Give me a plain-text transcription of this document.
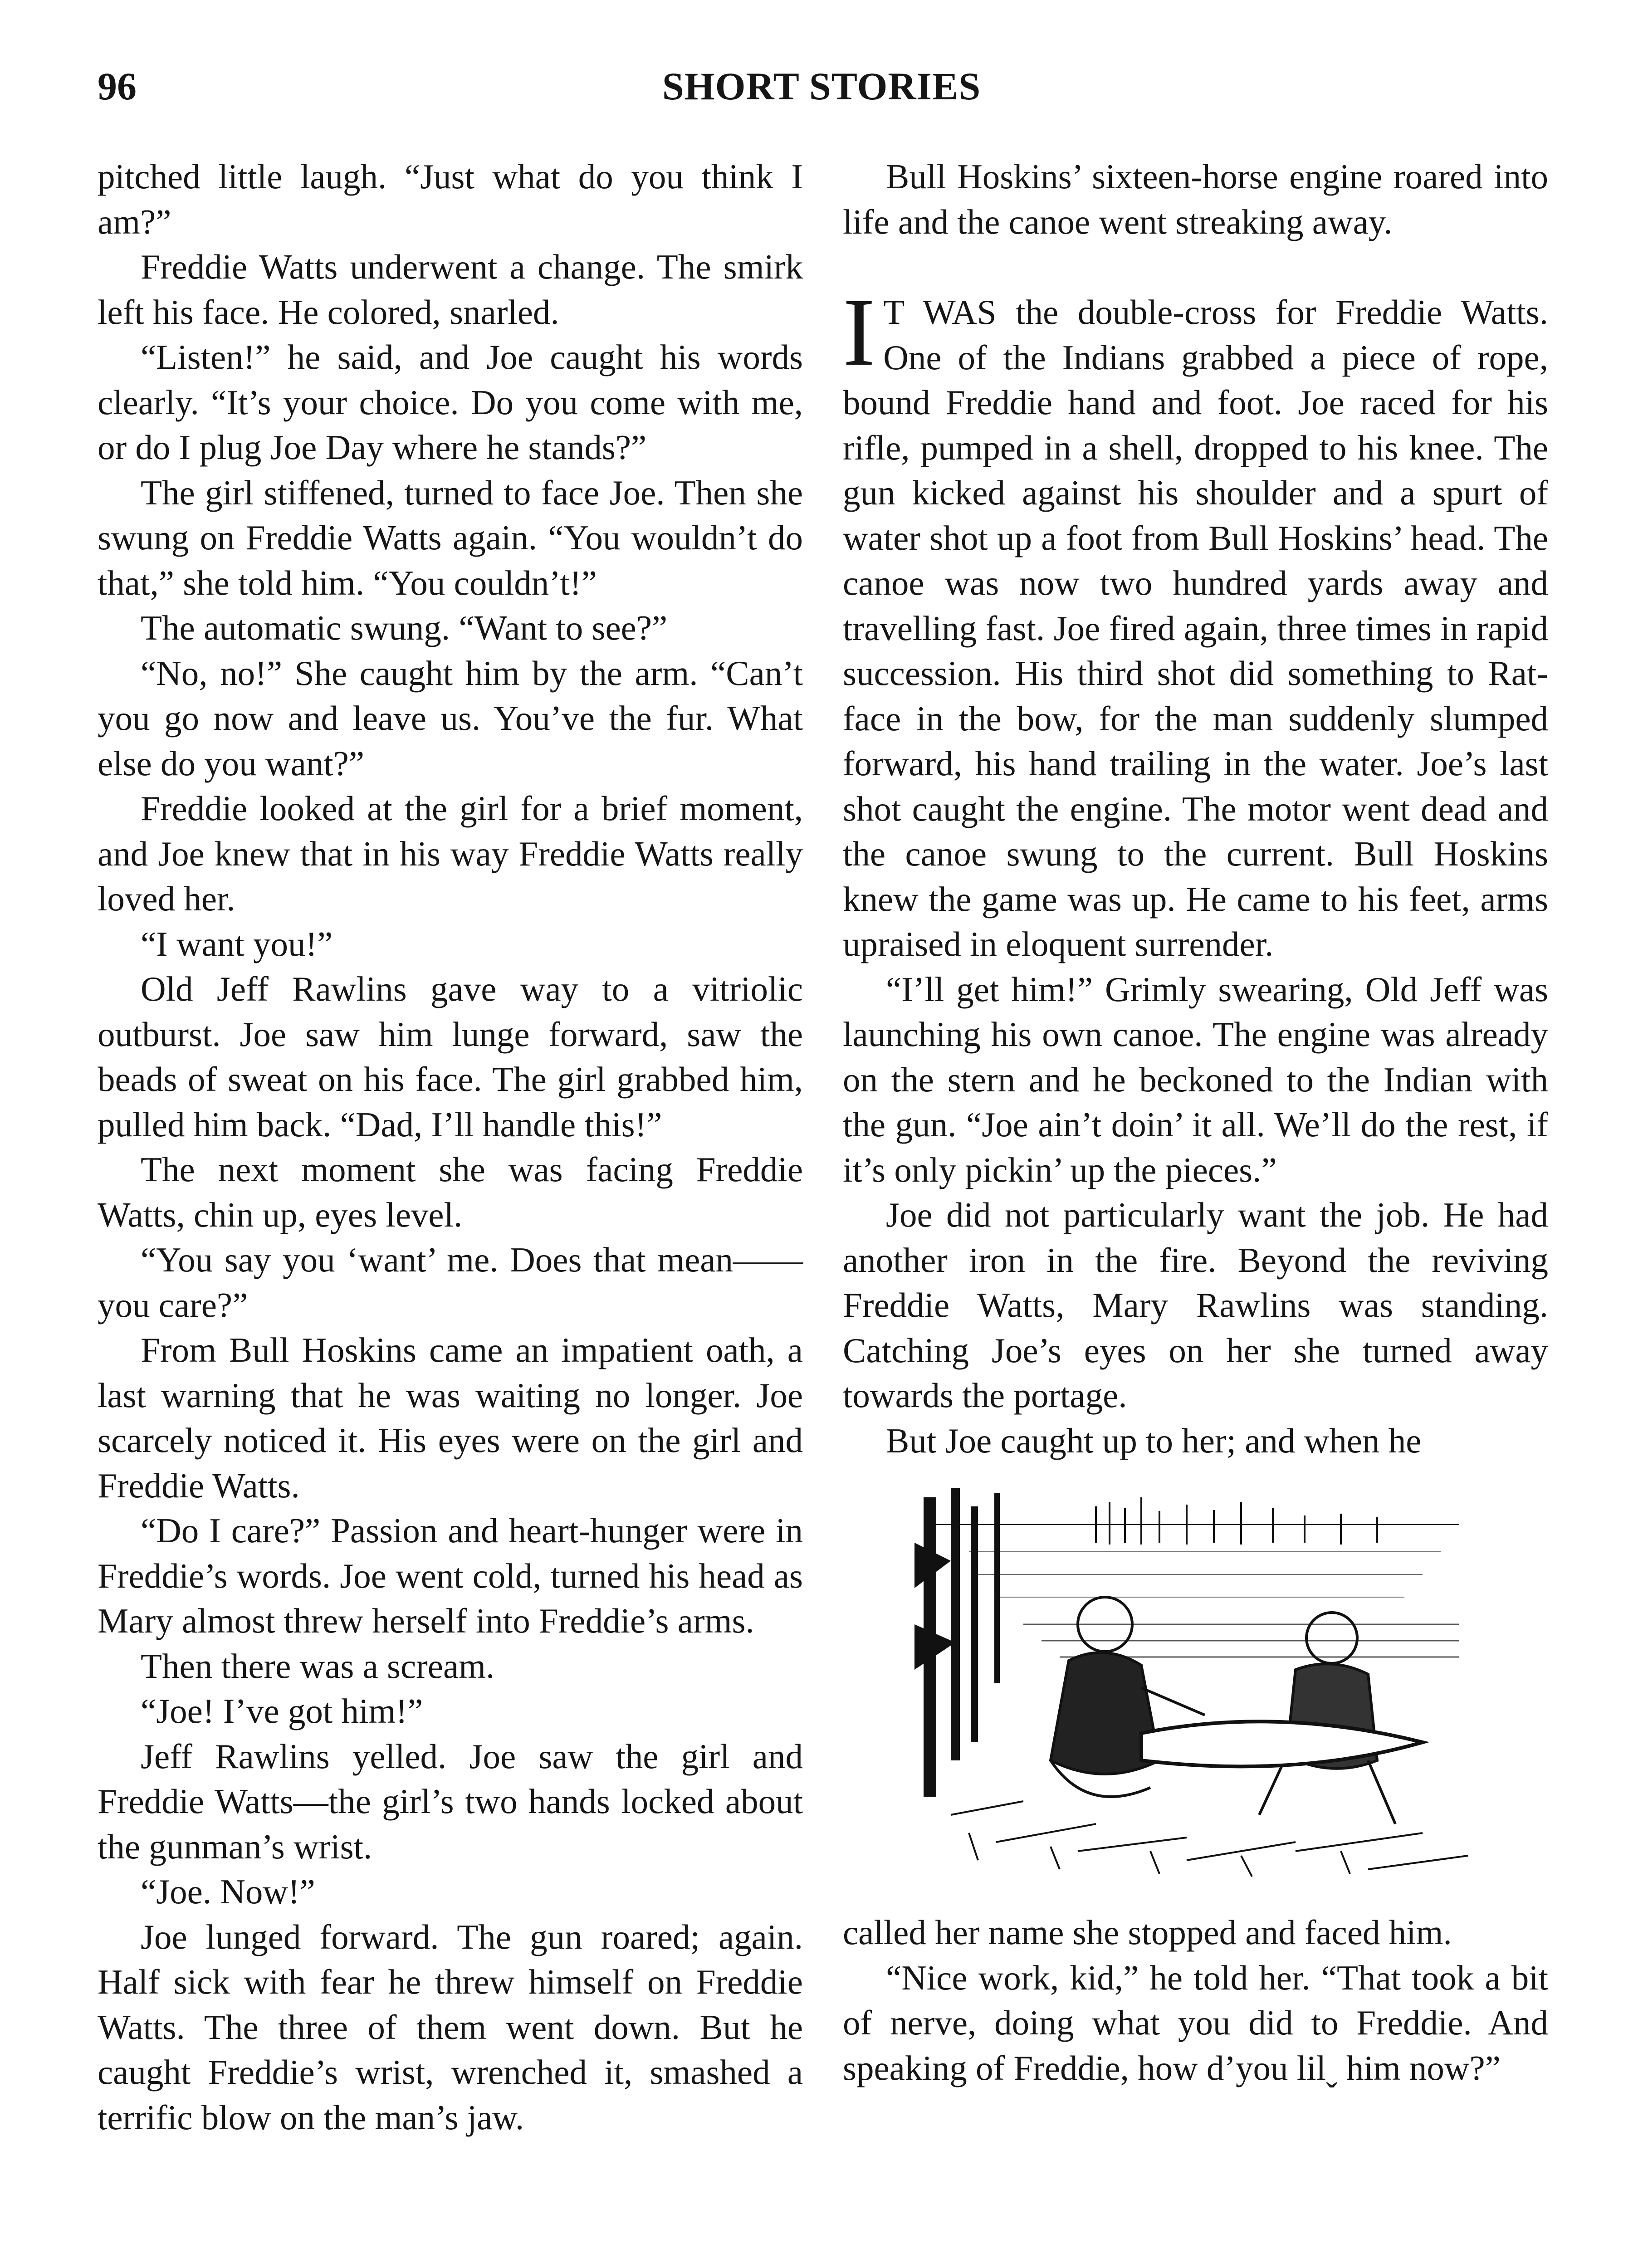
96	SHORT STORIES

pitched little laugh. “Just what do you think I am?”

Freddie Watts underwent a change. The smirk left his face. He colored, snarled.

“Listen!” he said, and Joe caught his words clearly. “It’s your choice. Do you come with me, or do I plug Joe Day where he stands?”

The girl stiffened, turned to face Joe. Then she swung on Freddie Watts again. “You wouldn’t do that,” she told him. “You couldn’t!”

The automatic swung. “Want to see?”

“No, no!” She caught him by the arm. “Can’t you go now and leave us. You’ve the fur. What else do you want?”

Freddie looked at the girl for a brief moment, and Joe knew that in his way Freddie Watts really loved her.

“I want you!”

Old Jeff Rawlins gave way to a vitriolic outburst. Joe saw him lunge forward, saw the beads of sweat on his face. The girl grabbed him, pulled him back. “Dad, I’ll handle this!”

The next moment she was facing Freddie Watts, chin up, eyes level.

“You say you ‘want’ me. Does that mean——you care?”

From Bull Hoskins came an impatient oath, a last warning that he was waiting no longer. Joe scarcely noticed it. His eyes were on the girl and Freddie Watts.

“Do I care?” Passion and heart-hunger were in Freddie’s words. Joe went cold, turned his head as Mary almost threw herself into Freddie’s arms.

Then there was a scream.

“Joe! I’ve got him!”

Jeff Rawlins yelled. Joe saw the girl and Freddie Watts—the girl’s two hands locked about the gunman’s wrist.

“Joe. Now!”

Joe lunged forward. The gun roared; again. Half sick with fear he threw himself on Freddie Watts. The three of them went down. But he caught Freddie’s wrist, wrenched it, smashed a terrific blow on the man’s jaw.

Bull Hoskins’ sixteen-horse engine roared into life and the canoe went streaking away.

I T WAS the double-cross for Freddie Watts. One of the Indians grabbed a piece of rope, bound Freddie hand and foot. Joe raced for his rifle, pumped in a shell, dropped to his knee. The gun kicked against his shoulder and a spurt of water shot up a foot from Bull Hoskins’ head. The canoe was now two hundred yards away and travelling fast. Joe fired again, three times in rapid succession. His third shot did something to Rat-face in the bow, for the man suddenly slumped forward, his hand trailing in the water. Joe’s last shot caught the engine. The motor went dead and the canoe swung to the current. Bull Hoskins knew the game was up. He came to his feet, arms upraised in eloquent surrender.

“I’ll get him!” Grimly swearing, Old Jeff was launching his own canoe. The engine was already on the stern and he beckoned to the Indian with the gun. “Joe ain’t doin’ it all. We’ll do the rest, if it’s only pickin’ up the pieces.”

Joe did not particularly want the job. He had another iron in the fire. Beyond the reviving Freddie Watts, Mary Rawlins was standing. Catching Joe’s eyes on her she turned away towards the portage.

But Joe caught up to her; and when he

called her name she stopped and faced him.

“Nice work, kid,” he told her. “That took a bit of nerve, doing what you did to Freddie. And speaking of Freddie, how d’you lilˬ him now?”
